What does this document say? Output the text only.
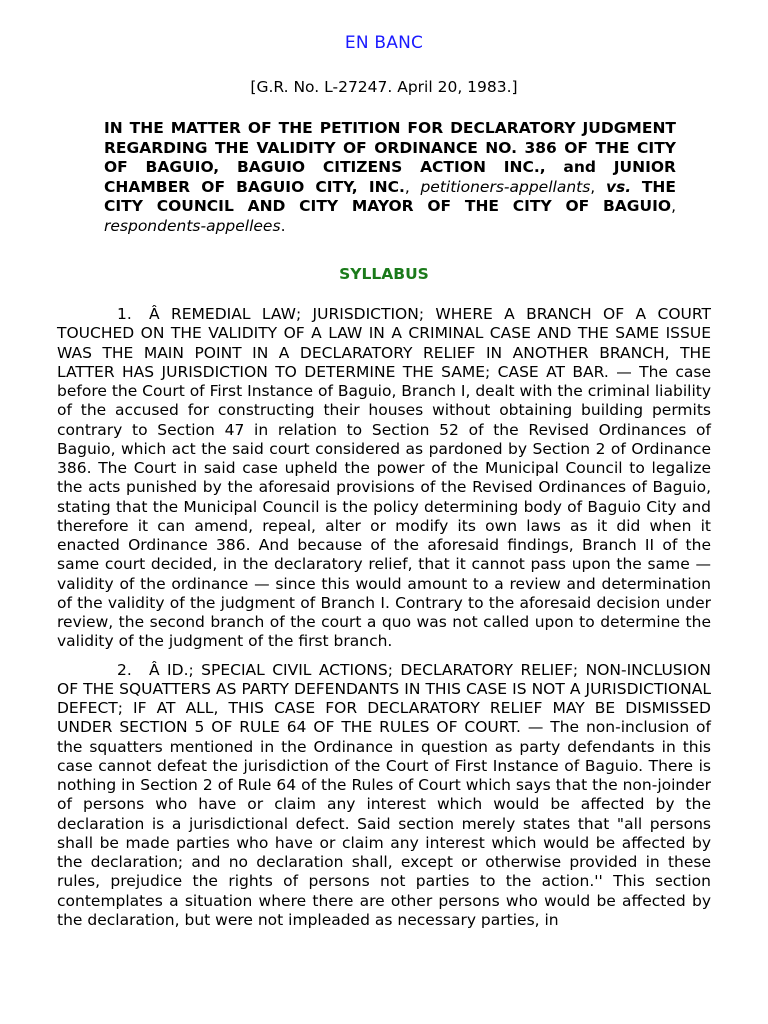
EN BANC
[G.R. No. L-27247. April 20, 1983.]
IN THE MATTER OF THE PETITION FOR DECLARATORY JUDGMENT REGARDING THE VALIDITY OF ORDINANCE NO. 386 OF THE CITY OF BAGUIO, BAGUIO CITIZENS ACTION INC., and JUNIOR CHAMBER OF BAGUIO CITY, INC., petitioners-appellants, vs. THE CITY COUNCIL AND CITY MAYOR OF THE CITY OF BAGUIO, respondents-appellees.
SYLLABUS

1. Â REMEDIAL LAW; JURISDICTION; WHERE A BRANCH OF A COURT TOUCHED ON THE VALIDITY OF A LAW IN A CRIMINAL CASE AND THE SAME ISSUE WAS THE MAIN POINT IN A DECLARATORY RELIEF IN ANOTHER BRANCH, THE LATTER HAS JURISDICTION TO DETERMINE THE SAME; CASE AT BAR. — The case before the Court of First Instance of Baguio, Branch I, dealt with the criminal liability of the accused for constructing their houses without obtaining building permits contrary to Section 47 in relation to Section 52 of the Revised Ordinances of Baguio, which act the said court considered as pardoned by Section 2 of Ordinance 386. The Court in said case upheld the power of the Municipal Council to legalize the acts punished by the aforesaid provisions of the Revised Ordinances of Baguio, stating that the Municipal Council is the policy determining body of Baguio City and therefore it can amend, repeal, alter or modify its own laws as it did when it enacted Ordinance 386. And because of the aforesaid findings, Branch II of the same court decided, in the declaratory relief, that it cannot pass upon the same — validity of the ordinance — since this would amount to a review and determination of the validity of the judgment of Branch I. Contrary to the aforesaid decision under review, the second branch of the court a quo was not called upon to determine the validity of the judgment of the first branch.

2. Â ID.; SPECIAL CIVIL ACTIONS; DECLARATORY RELIEF; NON-INCLUSION OF THE SQUATTERS AS PARTY DEFENDANTS IN THIS CASE IS NOT A JURISDICTIONAL DEFECT; IF AT ALL, THIS CASE FOR DECLARATORY RELIEF MAY BE DISMISSED UNDER SECTION 5 OF RULE 64 OF THE RULES OF COURT. — The non-inclusion of the squatters mentioned in the Ordinance in question as party defendants in this case cannot defeat the jurisdiction of the Court of First Instance of Baguio. There is nothing in Section 2 of Rule 64 of the Rules of Court which says that the non-joinder of persons who have or claim any interest which would be affected by the declaration is a jurisdictional defect. Said section merely states that "all persons shall be made parties who have or claim any interest which would be affected by the declaration; and no declaration shall, except or otherwise provided in these rules, prejudice the rights of persons not parties to the action.'' This section contemplates a situation where there are other persons who would be affected by the declaration, but were not impleaded as necessary parties, in
